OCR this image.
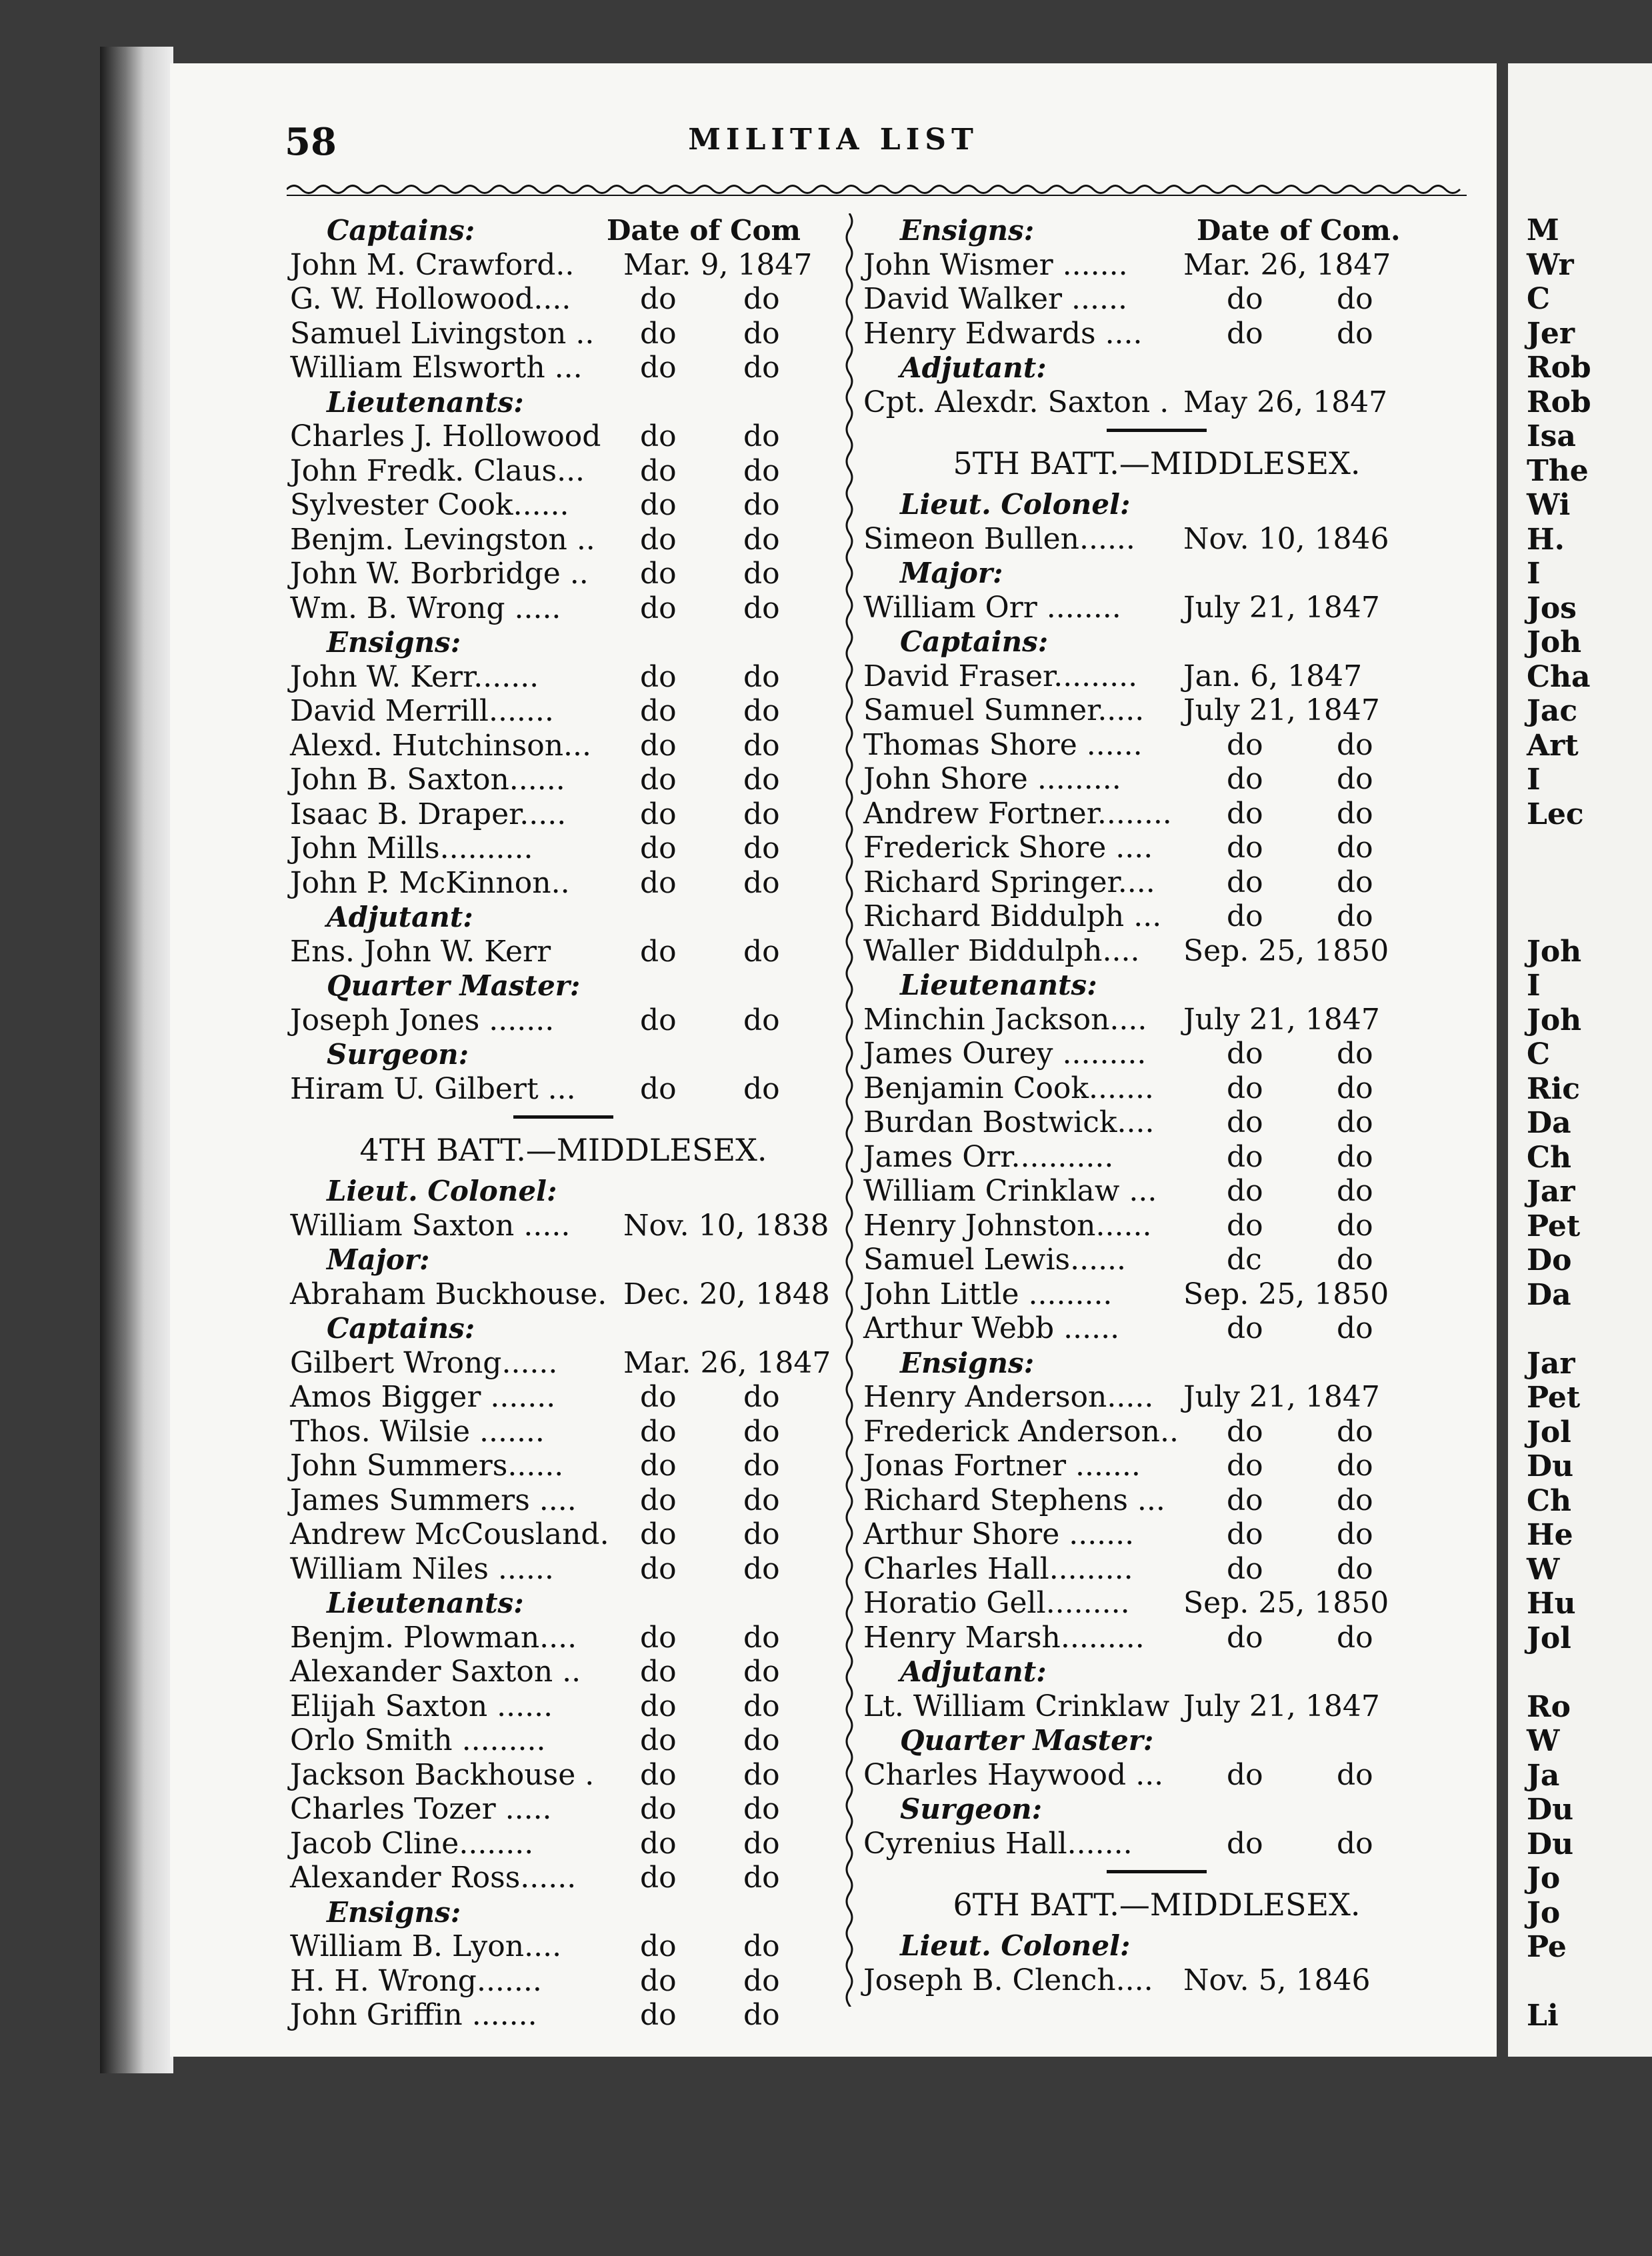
58	MILITIA LIST
Captains:	Date of Com
John M. Crawford.. Mar. 9, 1847
G. W. Hollowood.... do do
Samuel Livingston .. do do
William Elsworth ... do do
Lieutenants:
Charles J. Hollowood do do
John Fredk. Claus... do do
Sylvester Cook...... do do
Benjm. Levingston .. do do
John W. Borbridge .. do do
Wm. B. Wrong .....	do do
Ensigns:
John W. Kerr.......	do do
David Merrill.......	do do
Alexd. Hutchinson... do do
John B. Saxton......	do do
Isaac B. Draper.....	do do
John Mills..........	do do
John P. McKinnon.. do do
Adjutant:
Ens. John W. Kerr	do do
Quarter Master:
Joseph Jones .......	do do
Surgeon:
Hiram U. Gilbert ... do do
4TH BATT.—MIDDLESEX.
Lieut. Colonel:
William Saxton ..... Nov. 10, 1838
Major:
Abraham Buckhouse. Dec. 20, 1848
Captains:
Gilbert Wrong...... Mar. 26, 1847
Amos Bigger .......	do do
Thos. Wilsie .......	do do
John Summers......	do do
James Summers .... do do
Andrew McCousland. do do
William Niles ......	do do
Lieutenants:
Benjm. Plowman.... do do
Alexander Saxton .. do do
Elijah Saxton ......	do do
Orlo Smith .........	do do
Jackson Backhouse . do do
Charles Tozer .....	do do
Jacob Cline........	do do
Alexander Ross...... do do
Ensigns:
William B. Lyon....	do do
H. H. Wrong.......	do do
John Griffin .......	do do
Ensigns:	Date of Com.
John Wismer ....... Mar. 26, 1847
David Walker ......	do	do
Henry Edwards ....	do	do
Adjutant:
Cpt. Alexdr. Saxton . May 26, 1847
5TH BATT.—MIDDLESEX.
Lieut. Colonel:
Simeon Bullen...... Nov. 10, 1846
Major:
William Orr ........ July 21, 1847
Captains:
David Fraser......... Jan. 6, 1847
Samuel Sumner..... July 21, 1847
Thomas Shore ......	do	do
John Shore .........	do	do
Andrew Fortner........ do	do
Frederick Shore ....	do	do
Richard Springer.... do	do
Richard Biddulph ... do	do
Waller Biddulph.... Sep. 25, 1850
Lieutenants:
Minchin Jackson.... July 21, 1847
James Ourey .........	do	do
Benjamin Cook....... do	do
Burdan Bostwick.... do	do
James Orr...........	do	do
William Crinklaw ... do	do
Henry Johnston......	do	do
Samuel Lewis......	dc	do
John Little ......... Sep. 25, 1850
Arthur Webb ......	do	do
Ensigns:
Henry Anderson..... July 21, 1847
Frederick Anderson.. do	do
Jonas Fortner .......	do	do
Richard Stephens ... do	do
Arthur Shore .......	do	do
Charles Hall.........	do	do
Horatio Gell......... Sep. 25, 1850
Henry Marsh.........	do	do
Adjutant:
Lt. William Crinklaw July 21, 1847
Quarter Master:
Charles Haywood ... do	do
Surgeon:
Cyrenius Hall.......	do	do
6TH BATT.—MIDDLESEX.
Lieut. Colonel:
Joseph B. Clench.... Nov. 5, 1846
M
Wr
C
Jer
Rob
Rob
Isa
The
Wi
H.
I
Jos
Joh
Cha
Jac
Art
I
Lec
Joh
I
Joh
C
Ric
Da
Ch
Jar
Pet
Do
Da
Jar
Pet
Jol
Du
Ch
He
W
Hu
Jol
Ro
W
Ja
Du
Du
Jo
Jo
Pe
Li
